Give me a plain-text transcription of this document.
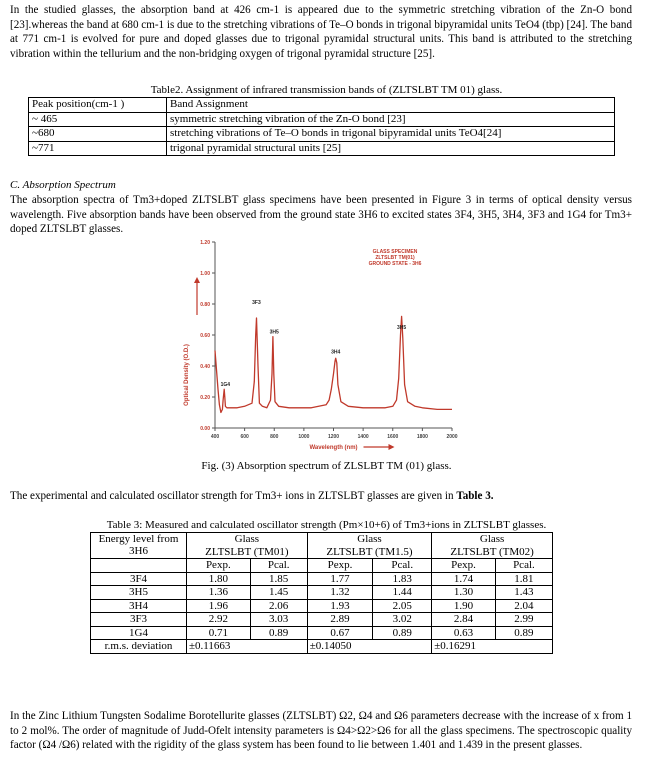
In the studied glasses, the absorption band at 426 cm-1 is appeared due to the symmetric stretching vibration of the Zn-O bond [23].whereas the band at 680 cm-1 is due to the stretching vibrations of Te–O bonds in trigonal bipyramidal units TeO4 (tbp) [24]. The band at 771 cm-1 is evolved for pure and doped glasses due to trigonal pyramidal structural units. This band is attributed to the stretching vibration within the tellurium and the non-bridging oxygen of trigonal pyramidal structure [25].
Table2. Assignment of infrared transmission bands of (ZLTSLBT TM 01) glass.
Peak position(cm-1 )	Band Assignment
~ 465	symmetric stretching vibration of the Zn-O bond [23]
~680	stretching vibrations of Te–O bonds in trigonal bipyramidal units TeO4[24]
~771	trigonal pyramidal structural units [25]
C. Absorption Spectrum
The absorption spectra of Tm3+doped ZLTSLBT glass specimens have been presented in Figure 3 in terms of optical density versus wavelength. Five absorption bands have been observed from the ground state 3H6 to excited states 3F4, 3H5, 3H4, 3F3 and 1G4 for Tm3+ doped ZLTSLBT glasses.
0.00
0.20
0.40
0.60
0.80
1.00
1.20
400	600	800	1000	1200	1400	1600	1800	2000
Wavelength (nm)
Optical Density (O.D.)	1G4
3F3
3H5
3H4
3H5
GLASS SPECIMEN
ZLTSLBT TM(01)
GROUND STATE - 3H6
Fig. (3) Absorption spectrum of ZLSLBT TM (01) glass.
The experimental and calculated oscillator strength for Tm3+ ions in ZLTSLBT glasses are given in Table 3.
Table 3: Measured and calculated oscillator strength (Pm×10+6) of Tm3+ions in ZLTSLBT glasses.
Energy level from
3H6	Glass		Glass		Glass	
	ZLTSLBT (TM01)		ZLTSLBT (TM1.5)		ZLTSLBT (TM02)	
	Pexp.	Pcal.	Pexp.	Pcal.	Pexp.	Pcal.
3F4	1.80	1.85	1.77	1.83	1.74	1.81
3H5	1.36	1.45	1.32	1.44	1.30	1.43
3H4	1.96	2.06	1.93	2.05	1.90	2.04
3F3	2.92	3.03	2.89	3.02	2.84	2.99
1G4	0.71	0.89	0.67	0.89	0.63	0.89
r.m.s. deviation	±0.11663		±0.14050		±0.16291	
In the Zinc Lithium Tungsten Sodalime Borotellurite glasses (ZLTSLBT) Ω2, Ω4 and Ω6 parameters decrease with the increase of x from 1 to 2 mol%. The order of magnitude of Judd-Ofelt intensity parameters is Ω4>Ω2>Ω6 for all the glass specimens. The spectroscopic quality factor (Ω4 /Ω6) related with the rigidity of the glass system has been found to lie between 1.401 and 1.439 in the present glasses.
